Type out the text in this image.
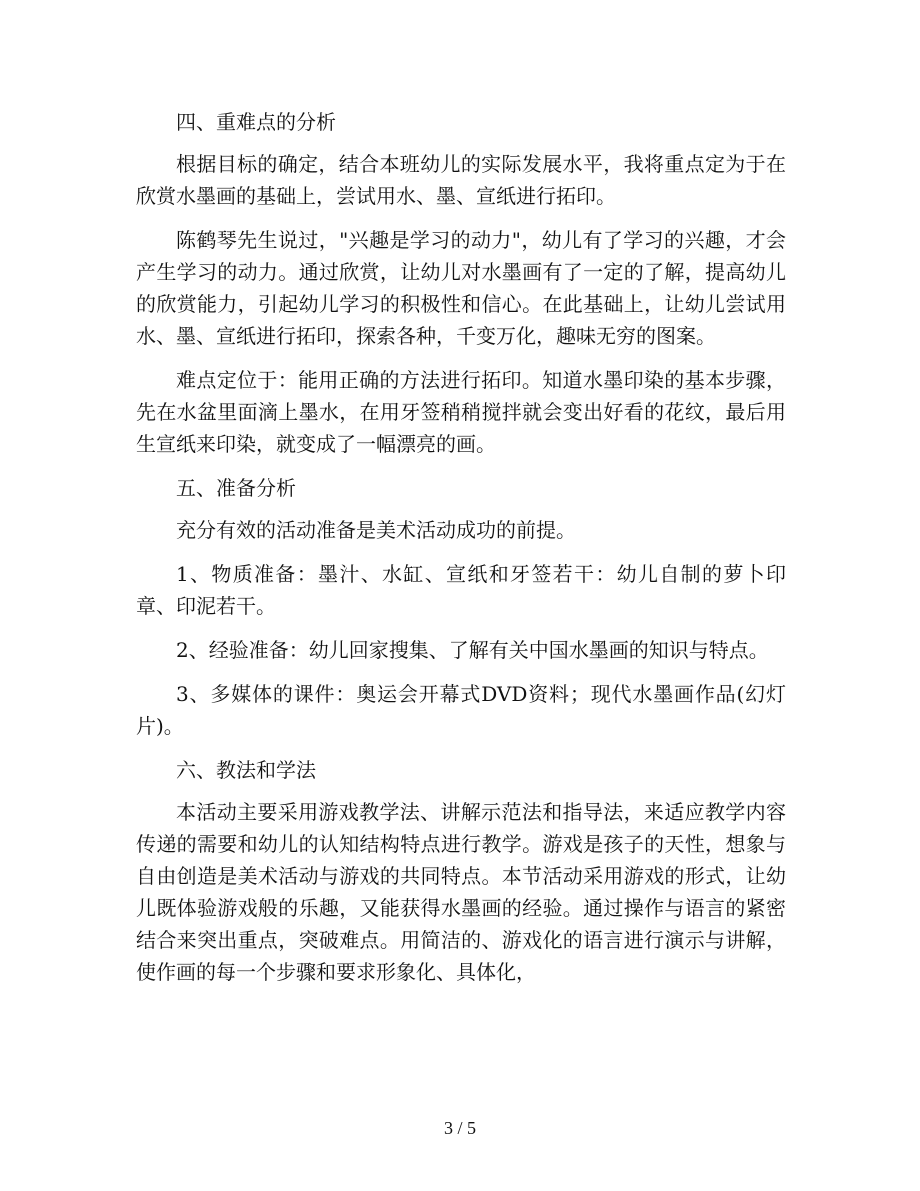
四、重难点的分析

根据目标的确定，结合本班幼儿的实际发展水平，我将重点定为于在欣赏水墨画的基础上，尝试用水、墨、宣纸进行拓印。

陈鹤琴先生说过，"兴趣是学习的动力"，幼儿有了学习的兴趣，才会产生学习的动力。通过欣赏，让幼儿对水墨画有了一定的了解，提高幼儿的欣赏能力，引起幼儿学习的积极性和信心。在此基础上，让幼儿尝试用水、墨、宣纸进行拓印，探索各种，千变万化，趣味无穷的图案。

难点定位于：能用正确的方法进行拓印。知道水墨印染的基本步骤，先在水盆里面滴上墨水，在用牙签稍稍搅拌就会变出好看的花纹，最后用生宣纸来印染，就变成了一幅漂亮的画。

五、准备分析

充分有效的活动准备是美术活动成功的前提。

1、物质准备：墨汁、水缸、宣纸和牙签若干：幼儿自制的萝卜印章、印泥若干。

2、经验准备：幼儿回家搜集、了解有关中国水墨画的知识与特点。

3、多媒体的课件：奥运会开幕式DVD资料；现代水墨画作品(幻灯片)。

六、教法和学法

本活动主要采用游戏教学法、讲解示范法和指导法，来适应教学内容传递的需要和幼儿的认知结构特点进行教学。游戏是孩子的天性，想象与自由创造是美术活动与游戏的共同特点。本节活动采用游戏的形式，让幼儿既体验游戏般的乐趣，又能获得水墨画的经验。通过操作与语言的紧密结合来突出重点，突破难点。用简洁的、游戏化的语言进行演示与讲解，使作画的每一个步骤和要求形象化、具体化，

3 / 5
